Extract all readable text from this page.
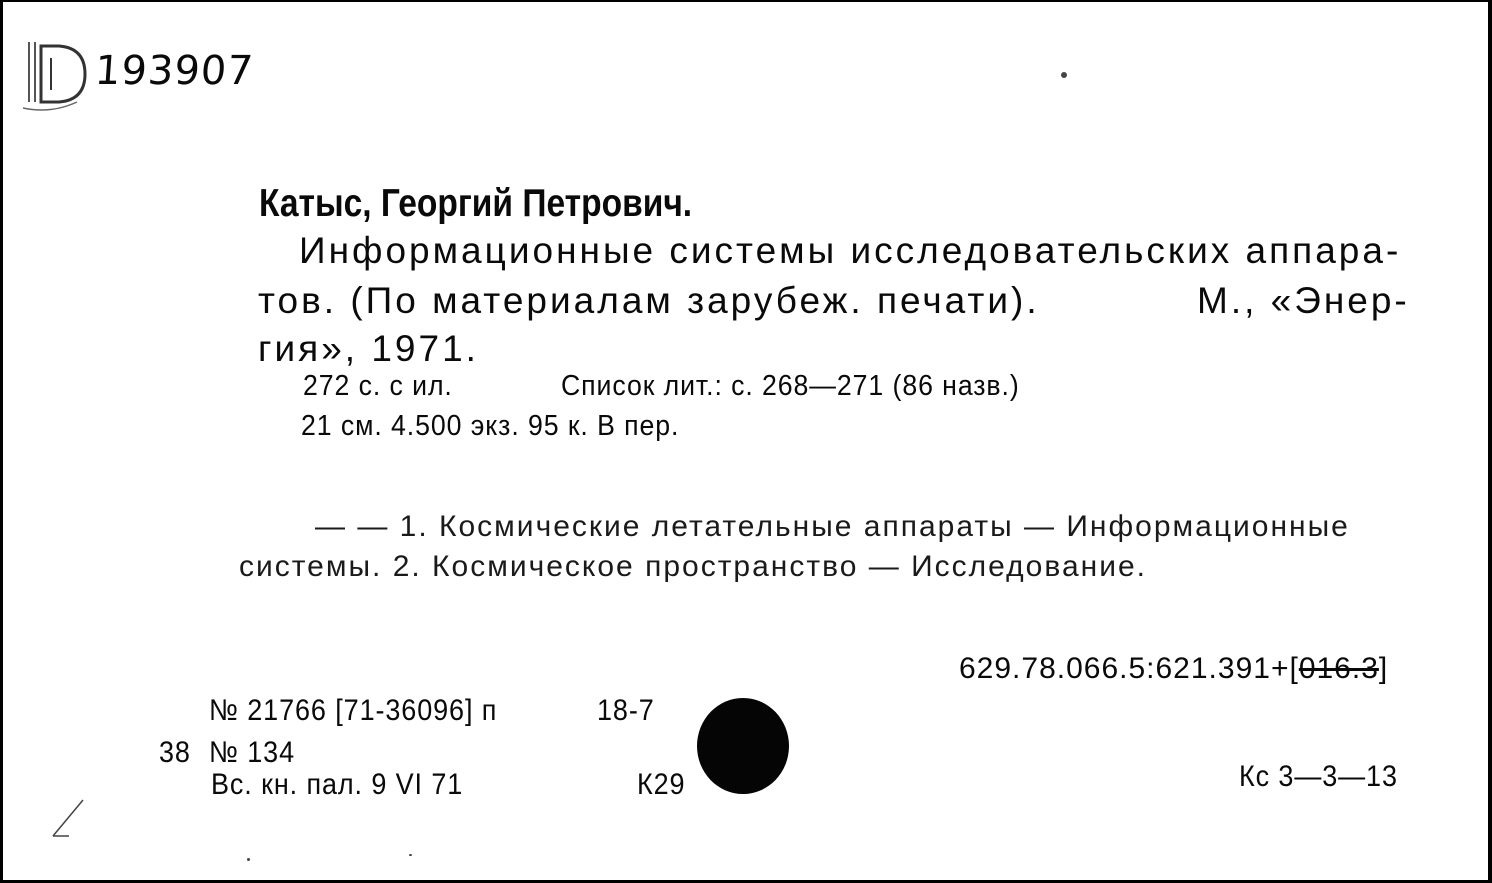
193907
Катыс, Георгий Петрович.
Информационные системы исследовательских аппара-
тов. (По материалам зарубеж. печати).	М., «Энер-
гия», 1971.
272 с. с ил.	Список лит.: с. 268—271 (86 назв.)
21 см. 4.500 экз. 95 к. В пер.
— — 1. Космические летательные аппараты — Информационные
системы. 2. Космическое пространство — Исследование.
629.78.066.5:621.391+[016.3]
№ 21766 [71-36096] п	18-7
38 № 134
Вс. кн. пал. 9 VI 71	К29	Кс 3—3—13
